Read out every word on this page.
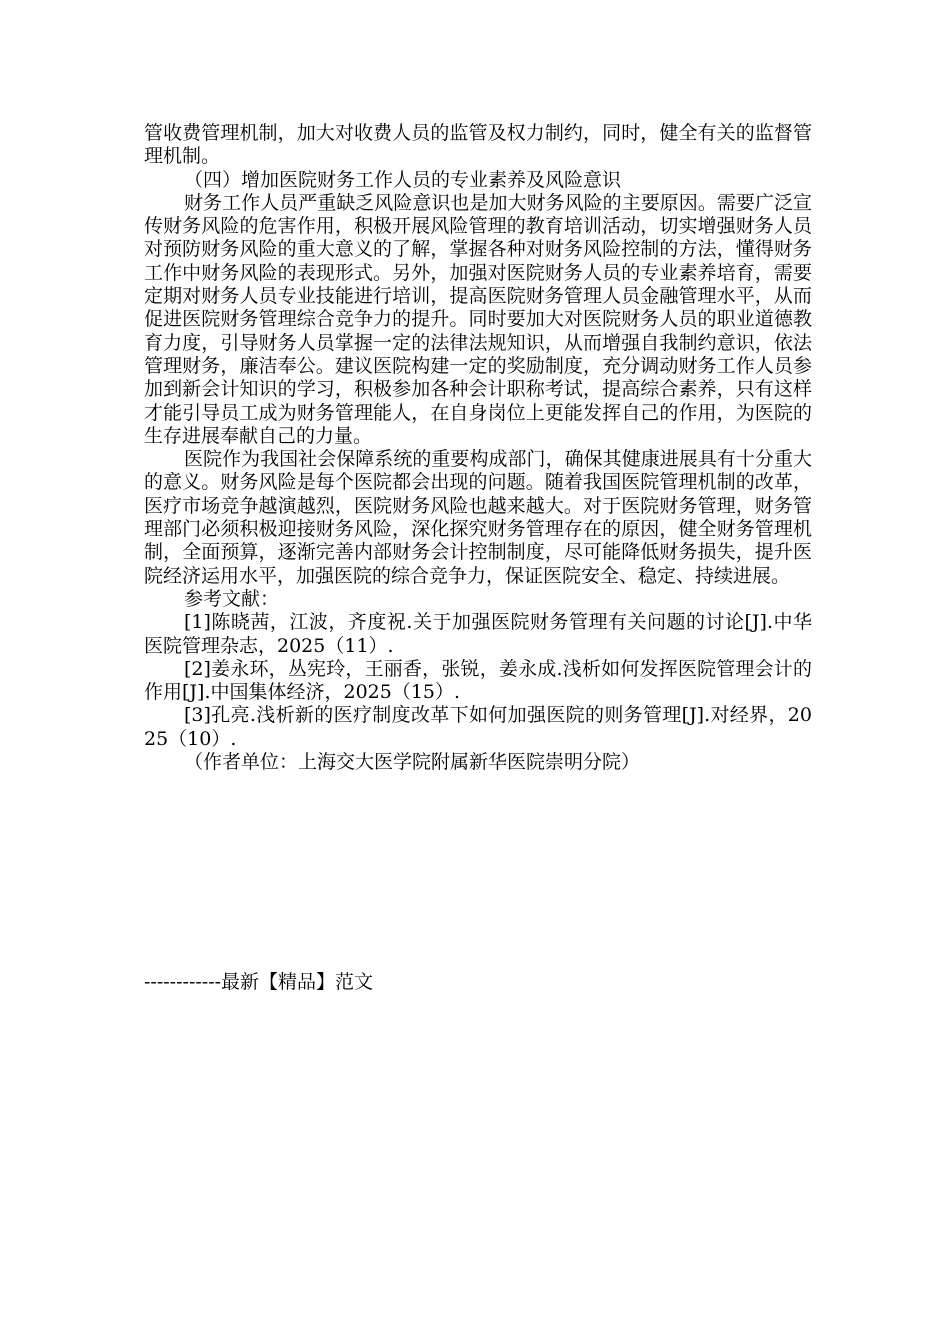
管收费管理机制，加大对收费人员的监管及权力制约，同时，健全有关的监督管理机制。

（四）增加医院财务工作人员的专业素养及风险意识

财务工作人员严重缺乏风险意识也是加大财务风险的主要原因。需要广泛宣传财务风险的危害作用，积极开展风险管理的教育培训活动，切实增强财务人员对预防财务风险的重大意义的了解，掌握各种对财务风险控制的方法，懂得财务工作中财务风险的表现形式。另外，加强对医院财务人员的专业素养培育，需要定期对财务人员专业技能进行培训，提高医院财务管理人员金融管理水平，从而促进医院财务管理综合竞争力的提升。同时要加大对医院财务人员的职业道德教育力度，引导财务人员掌握一定的法律法规知识，从而增强自我制约意识，依法管理财务，廉洁奉公。建议医院构建一定的奖励制度，充分调动财务工作人员参加到新会计知识的学习，积极参加各种会计职称考试，提高综合素养，只有这样才能引导员工成为财务管理能人，在自身岗位上更能发挥自己的作用，为医院的生存进展奉献自己的力量。

医院作为我国社会保障系统的重要构成部门，确保其健康进展具有十分重大的意义。财务风险是每个医院都会出现的问题。随着我国医院管理机制的改革，医疗市场竞争越演越烈，医院财务风险也越来越大。对于医院财务管理，财务管理部门必须积极迎接财务风险，深化探究财务管理存在的原因，健全财务管理机制，全面预算，逐渐完善内部财务会计控制制度，尽可能降低财务损失，提升医院经济运用水平，加强医院的综合竞争力，保证医院安全、稳定、持续进展。

参考文献：

[1]陈晓茜，江波，齐度祝.关于加强医院财务管理有关问题的讨论[J].中华医院管理杂志，2025（11）.

[2]姜永环，丛宪玲，王丽香，张锐，姜永成.浅析如何发挥医院管理会计的作用[J].中国集体经济，2025（15）.

[3]孔亮.浅析新的医疗制度改革下如何加强医院的则务管理[J].对经界，2025（10）.

（作者单位：上海交大医学院附属新华医院崇明分院）

------------最新【精品】范文
